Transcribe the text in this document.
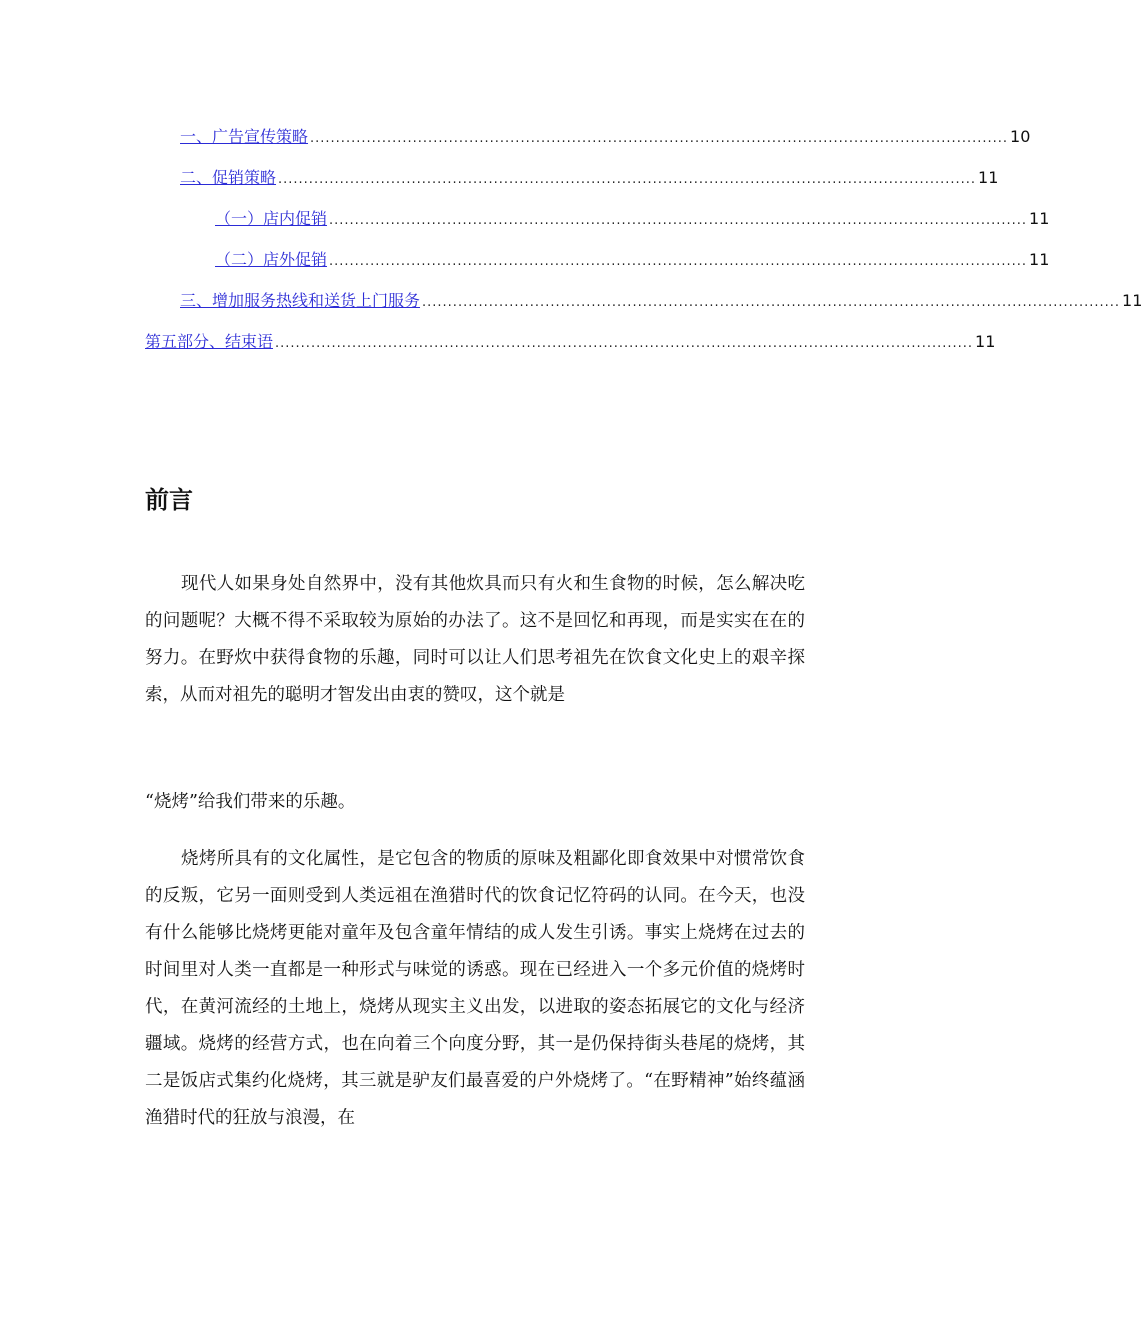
一、广告宣传策略 ........................................................................................................................................ 10
二、促销策略 ........................................................................................................................................ 11
（一）店内促销 ........................................................................................................................................ 11
（二）店外促销 ........................................................................................................................................ 11
三、增加服务热线和送货上门服务 ........................................................................................................................................ 11
第五部分、结束语 ........................................................................................................................................ 11
前言

现代人如果身处自然界中，没有其他炊具而只有火和生食物的时候，怎么解决吃的问题呢？大概不得不采取较为原始的办法了。这不是回忆和再现，而是实实在在的努力。在野炊中获得食物的乐趣，同时可以让人们思考祖先在饮食文化史上的艰辛探索，从而对祖先的聪明才智发出由衷的赞叹，这个就是

“烧烤”给我们带来的乐趣。

烧烤所具有的文化属性，是它包含的物质的原味及粗鄙化即食效果中对惯常饮食的反叛，它另一面则受到人类远祖在渔猎时代的饮食记忆符码的认同。在今天，也没有什么能够比烧烤更能对童年及包含童年情结的成人发生引诱。事实上烧烤在过去的时间里对人类一直都是一种形式与味觉的诱惑。现在已经进入一个多元价值的烧烤时代，在黄河流经的土地上，烧烤从现实主义出发，以进取的姿态拓展它的文化与经济疆域。烧烤的经营方式，也在向着三个向度分野，其一是仍保持街头巷尾的烧烤，其二是饭店式集约化烧烤，其三就是驴友们最喜爱的户外烧烤了。“在野精神”始终蕴涵渔猎时代的狂放与浪漫，在
